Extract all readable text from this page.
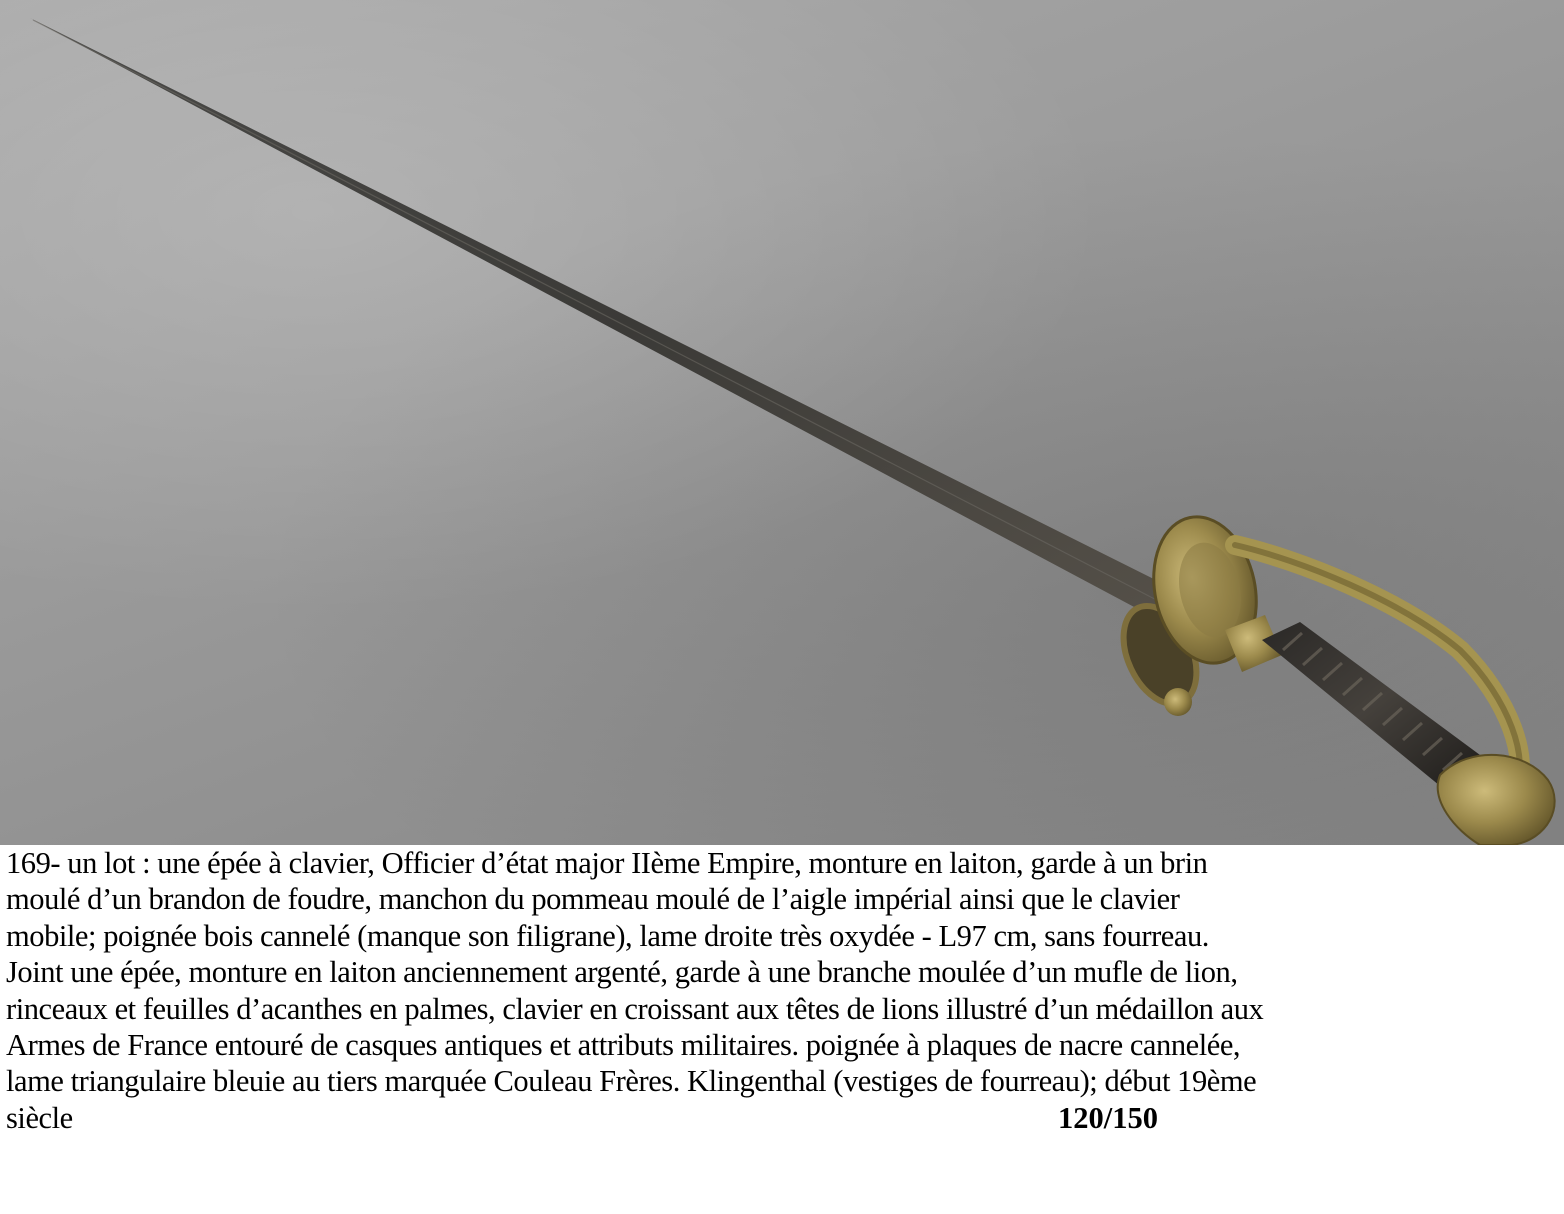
169- un lot : une épée à clavier, Officier d’état major IIème Empire, monture en laiton, garde à un brin
moulé d’un brandon de foudre, manchon du pommeau moulé de l’aigle impérial ainsi que le clavier
mobile; poignée bois cannelé (manque son filigrane), lame droite très oxydée - L97 cm, sans fourreau.
Joint une épée, monture en laiton anciennement argenté, garde à une branche moulée d’un mufle de lion,
rinceaux et feuilles d’acanthes en palmes, clavier en croissant aux têtes de lions illustré d’un médaillon aux
Armes de France entouré de casques antiques et attributs militaires. poignée à plaques de nacre cannelée,
lame triangulaire bleuie au tiers marquée Couleau Frères. Klingenthal (vestiges de fourreau); début 19ème
siècle	120/150
